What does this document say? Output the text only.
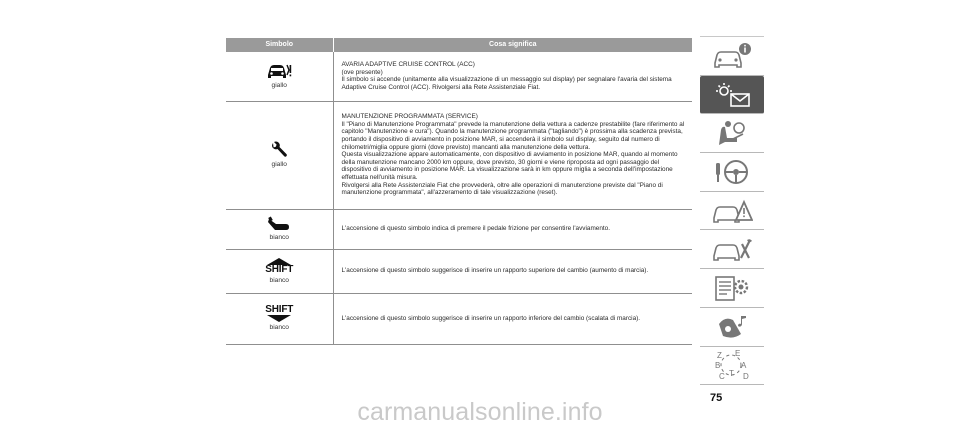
Simbolo	Cosa significa

giallo	AVARIA ADAPTIVE CRUISE CONTROL (ACC)

(ove presente)

Il simbolo si accende (unitamente alla visualizzazione di un messaggio sul display) per segnalare l'avaria del sistema Adaptive Cruise Control (ACC). Rivolgersi alla Rete Assistenziale Fiat.

giallo	MANUTENZIONE PROGRAMMATA (SERVICE)

Il "Piano di Manutenzione Programmata" prevede la manutenzione della vettura a cadenze prestabilite (fare riferimento al capitolo "Manutenzione e cura"). Quando la manutenzione programmata ("tagliando") è prossima alla scadenza prevista, portando il dispositivo di avviamento in posizione MAR, si accenderà il simbolo sul display, seguito dal numero di chilometri/miglia oppure giorni (dove previsto) mancanti alla manutenzione della vettura.

Questa visualizzazione appare automaticamente, con dispositivo di avviamento in posizione MAR, quando al momento della manutenzione mancano 2000 km oppure, dove previsto, 30 giorni e viene riproposta ad ogni passaggio del dispositivo di avviamento in posizione MAR. La visualizzazione sarà in km oppure miglia a seconda dell'impostazione effettuata nell'unità misura.

Rivolgersi alla Rete Assistenziale Fiat che provvederà, oltre alle operazioni di manutenzione previste dal "Piano di manutenzione programmata", all'azzeramento di tale visualizzazione (reset).

bianco	L'accensione di questo simbolo indica di premere il pedale frizione per consentire l'avviamento.

SHIFT
bianco	L'accensione di questo simbolo suggerisce di inserire un rapporto superiore del cambio (aumento di marcia).

SHIFT
bianco	L'accensione di questo simbolo suggerisce di inserire un rapporto inferiore del cambio (scalata di marcia).

Z E
B	A
C T D
75
carmanualsonline.info
